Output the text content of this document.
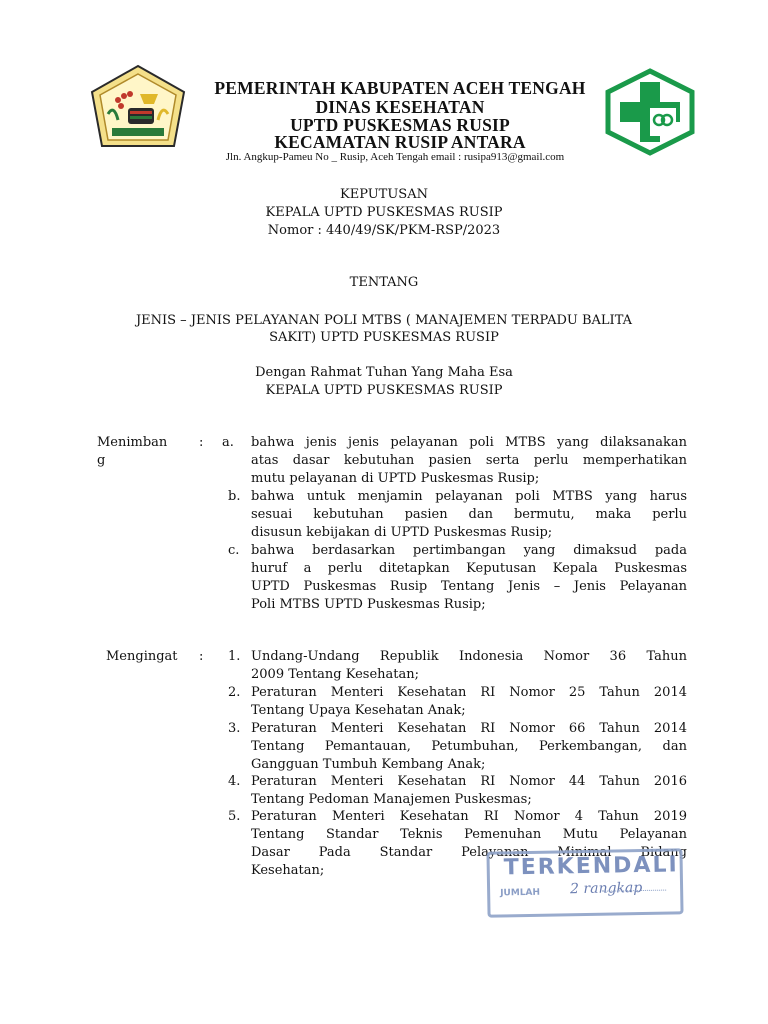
PEMERINTAH KABUPATEN ACEH TENGAH
DINAS KESEHATAN
UPTD PUSKESMAS RUSIP
KECAMATAN RUSIP ANTARA
Jln. Angkup-Pameu No _ Rusip, Aceh Tengah email : rusipa913@gmail.com
KEPUTUSAN
KEPALA UPTD PUSKESMAS RUSIP
Nomor : 440/49/SK/PKM-RSP/2023
TENTANG
JENIS – JENIS PELAYANAN POLI MTBS ( MANAJEMEN TERPADU BALITA
SAKIT) UPTD PUSKESMAS RUSIP
Dengan Rahmat Tuhan Yang Maha Esa
KEPALA UPTD PUSKESMAS RUSIP
Menimban
g
: a. bahwa jenis jenis pelayanan poli MTBS yang dilaksanakan
atas dasar kebutuhan pasien serta perlu memperhatikan
mutu pelayanan di UPTD Puskesmas Rusip;
b. bahwa untuk menjamin pelayanan poli MTBS yang harus
sesuai kebutuhan pasien dan bermutu, maka perlu
disusun kebijakan di UPTD Puskesmas Rusip;
c. bahwa berdasarkan pertimbangan yang dimaksud pada
huruf a perlu ditetapkan Keputusan Kepala Puskesmas
UPTD Puskesmas Rusip Tentang Jenis – Jenis Pelayanan
Poli MTBS UPTD Puskesmas Rusip;
Mengingat : 1. Undang-Undang Republik Indonesia Nomor 36 Tahun
2009 Tentang Kesehatan;
2. Peraturan Menteri Kesehatan RI Nomor 25 Tahun 2014
Tentang Upaya Kesehatan Anak;
3. Peraturan Menteri Kesehatan RI Nomor 66 Tahun 2014
Tentang Pemantauan, Petumbuhan, Perkembangan, dan
Gangguan Tumbuh Kembang Anak;
4. Peraturan Menteri Kesehatan RI Nomor 44 Tahun 2016
Tentang Pedoman Manajemen Puskesmas;
5. Peraturan Menteri Kesehatan RI Nomor 4 Tahun 2019
Tentang Standar Teknis Pemenuhan Mutu Pelayanan
Dasar Pada Standar Pelayanan Minimal Bidang
Kesehatan;	TERKENDALI
JUMLAH 2 rangkap
